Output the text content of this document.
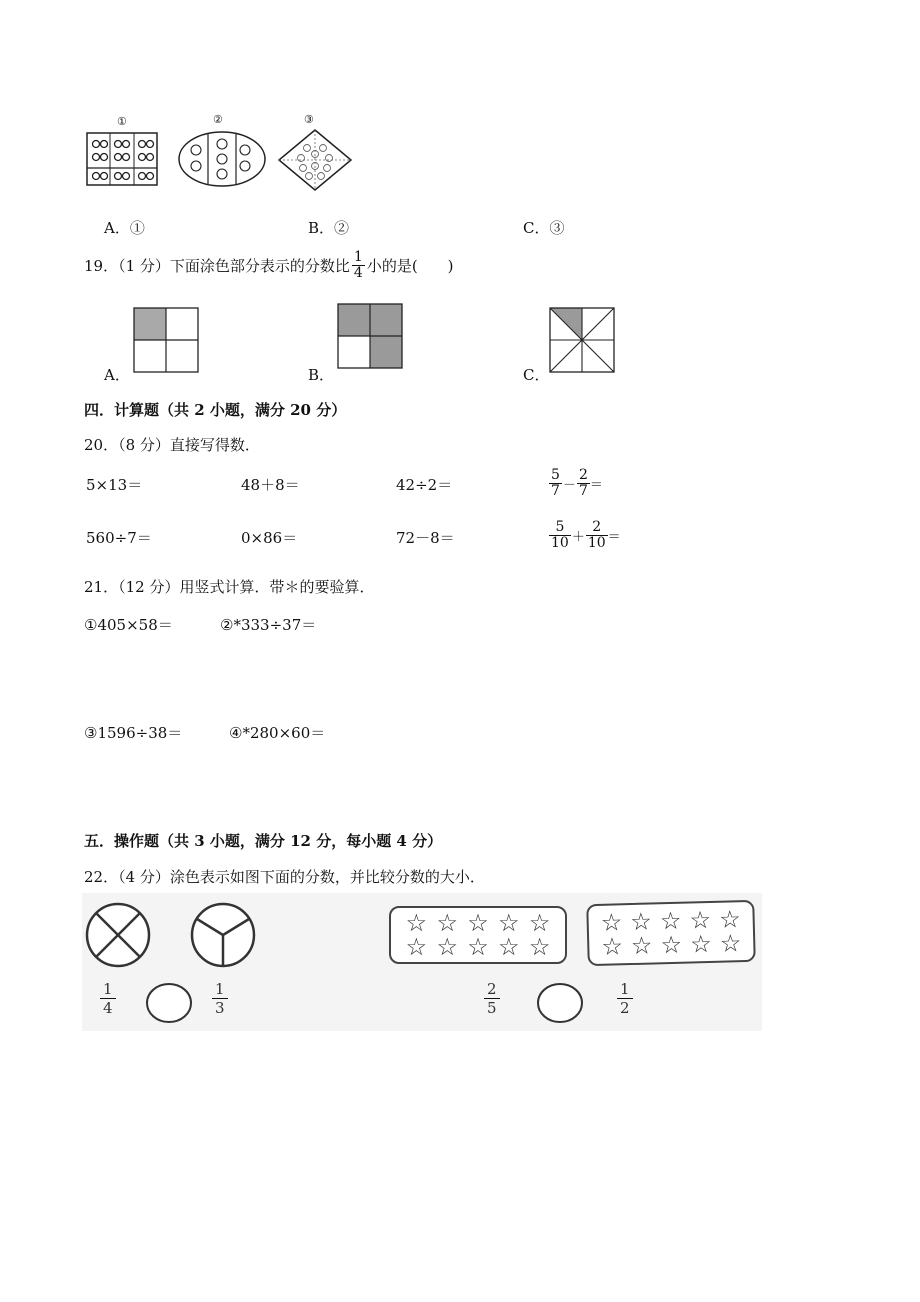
①	②	③
A．①	B．②	C．③
19．（1 分）下面涂色部分表示的分数比 $\frac{1}{4}$ 小的是(　　)
A．	B．	C．
四．计算题（共 2 小题，满分 20 分）
20．（8 分）直接写得数．
5×13＝	48＋8＝	42÷2＝	$\frac{5}{7} - \frac{2}{7}$ ＝
560÷7＝	0×86＝	72－8＝	$\frac{5}{10} + \frac{2}{10}$ ＝
21．（12 分）用竖式计算．带＊的要验算．
①405×58＝	②*333÷37＝
③1596÷38＝	④*280×60＝
五．操作题（共 3 小题，满分 12 分，每小题 4 分）
22．（4 分）涂色表示如图下面的分数，并比较分数的大小．
☆ ☆ ☆ ☆ ☆
☆ ☆ ☆ ☆ ☆
☆ ☆ ☆ ☆ ☆
☆ ☆ ☆ ☆ ☆
$\frac{1}{4}$	$\frac{1}{3}$	$\frac{2}{5}$	$\frac{1}{2}$
